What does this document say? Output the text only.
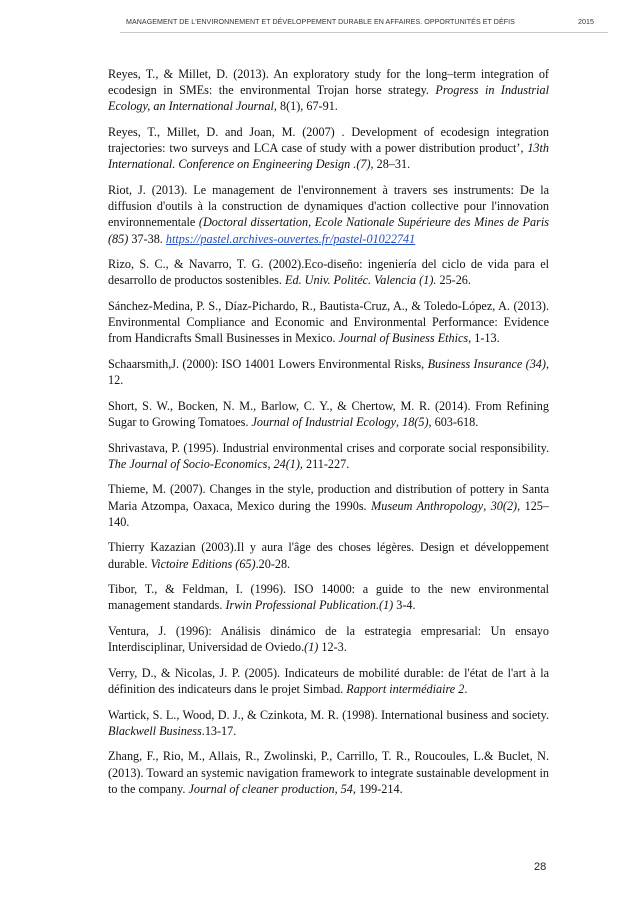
MANAGEMENT DE L'ENVIRONNEMENT ET DÉVELOPPEMENT DURABLE EN AFFAIRES. OPPORTUNITÉS ET DÉFIS	2015

Reyes, T., & Millet, D. (2013). An exploratory study for the long–term integration of ecodesign in SMEs: the environmental Trojan horse strategy. Progress in Industrial Ecology, an International Journal, 8(1), 67-91.

Reyes, T., Millet, D. and Joan, M. (2007) . Development of ecodesign integration trajectories: two surveys and LCA case of study with a power distribution product’, 13th International. Conference on Engineering Design .(7), 28–31.

Riot, J. (2013). Le management de l'environnement à travers ses instruments: De la diffusion d'outils à la construction de dynamiques d'action collective pour l'innovation environnementale (Doctoral dissertation, Ecole Nationale Supérieure des Mines de Paris (85) 37-38. https://pastel.archives-ouvertes.fr/pastel-01022741

Rizo, S. C., & Navarro, T. G. (2002).Eco-diseño: ingeniería del ciclo de vida para el desarrollo de productos sostenibles. Ed. Univ. Politéc. Valencia (1). 25-26.

Sánchez-Medina, P. S., Díaz-Pichardo, R., Bautista-Cruz, A., & Toledo-López, A. (2013). Environmental Compliance and Economic and Environmental Performance: Evidence from Handicrafts Small Businesses in Mexico. Journal of Business Ethics, 1-13.

Schaarsmith,J. (2000): ISO 14001 Lowers Environmental Risks, Business Insurance (34), 12.

Short, S. W., Bocken, N. M., Barlow, C. Y., & Chertow, M. R. (2014). From Refining Sugar to Growing Tomatoes. Journal of Industrial Ecology, 18(5), 603-618.

Shrivastava, P. (1995). Industrial environmental crises and corporate social responsibility. The Journal of Socio-Economics, 24(1), 211-227.

Thieme, M. (2007). Changes in the style, production and distribution of pottery in Santa Maria Atzompa, Oaxaca, Mexico during the 1990s. Museum Anthropology, 30(2), 125–140.

Thierry Kazazian (2003).Il y aura l'âge des choses légères. Design et développement durable. Victoire Editions (65).20-28.

Tibor, T., & Feldman, I. (1996). ISO 14000: a guide to the new environmental management standards. Irwin Professional Publication.(1) 3-4.

Ventura, J. (1996): Análisis dinámico de la estrategia empresarial: Un ensayo Interdisciplinar, Universidad de Oviedo.(1) 12-3.

Verry, D., & Nicolas, J. P. (2005). Indicateurs de mobilité durable: de l'état de l'art à la définition des indicateurs dans le projet Simbad. Rapport intermédiaire 2.

Wartick, S. L., Wood, D. J., & Czinkota, M. R. (1998). International business and society. Blackwell Business.13-17.

Zhang, F., Rio, M., Allais, R., Zwolinski, P., Carrillo, T. R., Roucoules, L.& Buclet, N. (2013). Toward an systemic navigation framework to integrate sustainable development in to the company. Journal of cleaner production, 54, 199-214.

28
